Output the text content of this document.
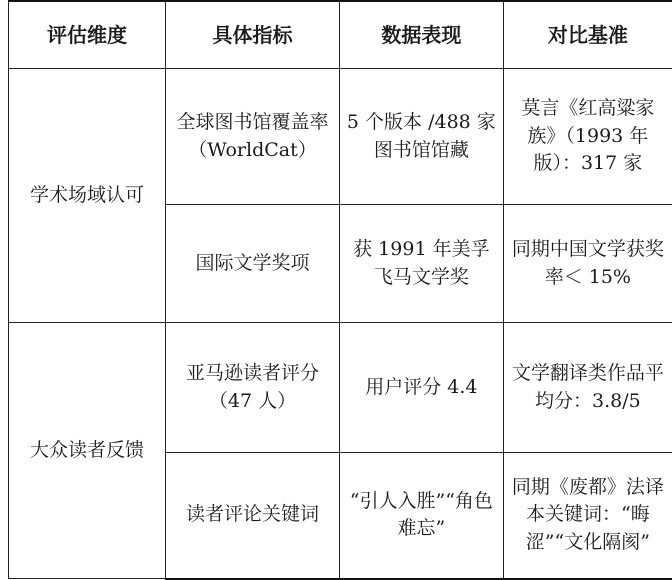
评估维度	具体指标	数据表现	对比基准
学术场域认可	全球图书馆覆盖率（WorldCat）	5 个版本 /488 家图书馆馆藏	莫言《红高粱家族》（1993 年版）：317 家
	国际文学奖项	获 1991 年美孚飞马文学奖	同期中国文学获奖率＜ 15%
大众读者反馈	亚马逊读者评分（47 人）	用户评分 4.4	文学翻译类作品平均分：3.8/5
	读者评论关键词	“引人入胜”“角色难忘”	同期《废都》法译本关键词：“晦涩”“文化隔阂”
